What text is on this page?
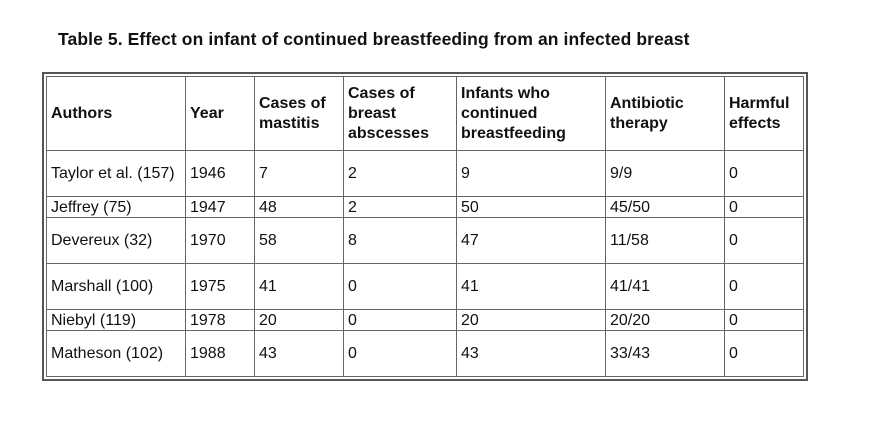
Table 5. Effect on infant of continued breastfeeding from an infected breast
Authors	Year	Cases of mastitis	Cases of breast abscesses	Infants who continued breastfeeding	Antibiotic therapy	Harmful effects
Taylor et al. (157)	1946	7	2	9	9/9	0
Jeffrey (75)	1947	48	2	50	45/50	0
Devereux (32)	1970	58	8	47	11/58	0
Marshall (100)	1975	41	0	41	41/41	0
Niebyl (119)	1978	20	0	20	20/20	0
Matheson (102)	1988	43	0	43	33/43	0
